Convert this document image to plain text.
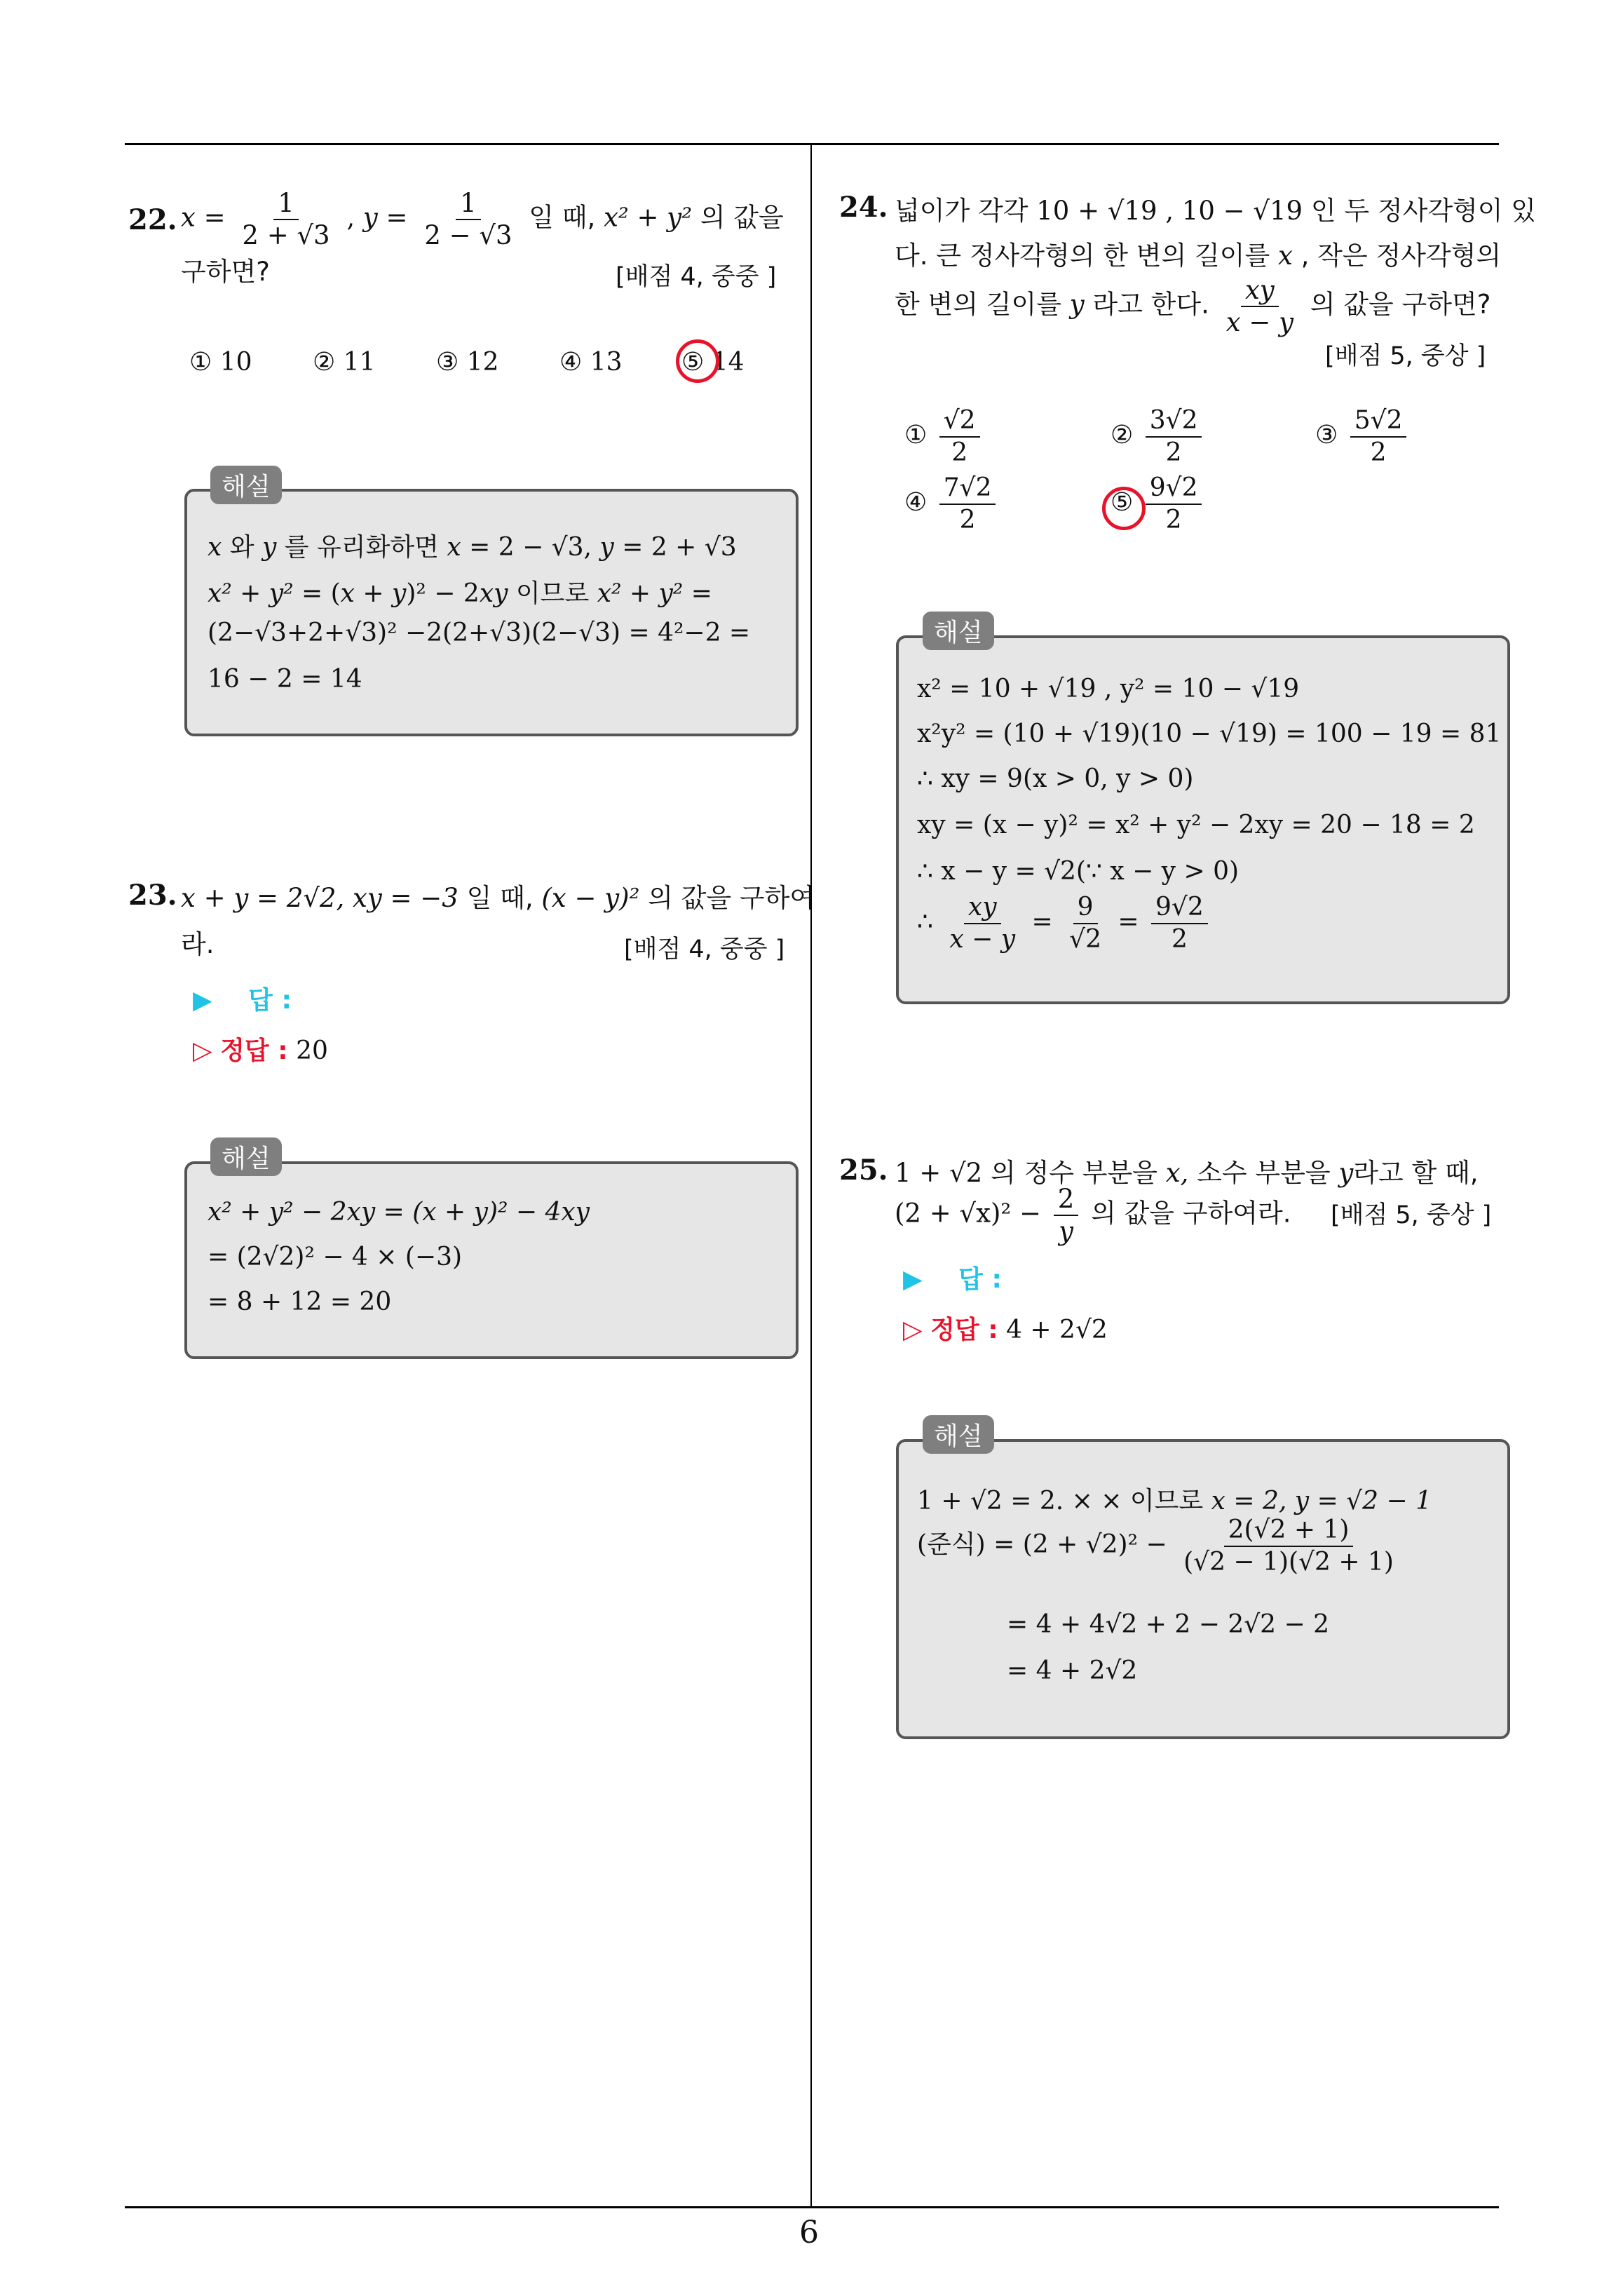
6
22. $x = \frac{1}{2 + √3}$ , $y = \frac{1}{2 - √3}$ 일 때, x² + y² 의 값을
구하면?	[배점 4, 중중 ]
① 10 ② 11 ③ 12 ④ 13 ⑤ 14
해설
x 와 y 를 유리화하면 x = 2 − √3, y = 2 + √3
x² + y² = (x + y)² − 2xy 이므로 x² + y² =
(2−√3+2+√3)² −2(2+√3)(2−√3) = 4²−2 =
16 − 2 = 14
23. x + y = 2√2, xy = −3 일 때, (x − y)² 의 값을 구하여
라.	[배점 4, 중중 ]
▶ 답 :
▷ 정답 : 20
해설
x² + y² − 2xy = (x + y)² − 4xy
= (2√2)² − 4 × (−3)
= 8 + 12 = 20
24. 넓이가 각각 10 + √19 , 10 − √19 인 두 정사각형이 있
다. 큰 정사각형의 한 변의 길이를 x , 작은 정사각형의
한 변의 길이를 y 라고 한다. $\frac{xy}{x - y}$ 의 값을 구하면?
[배점 5, 중상 ]
① $\frac{√2}{2}$	② $\frac{3√2}{2}$	③ $\frac{5√2}{2}$
④ $\frac{7√2}{2}$	⑤ $\frac{9√2}{2}$
해설
x² = 10 + √19 , y² = 10 − √19
x²y² = (10 + √19)(10 − √19) = 100 − 19 = 81
∴ xy = 9(x > 0, y > 0)
xy = (x − y)² = x² + y² − 2xy = 20 − 18 = 2
∴ x − y = √2(∵ x − y > 0)
∴ $\frac{xy}{x - y} = \frac{9}{√2} = \frac{9√2}{2}$
25. 1 + √2 의 정수 부분을 x, 소수 부분을 y라고 할 때,
$(2 + √x)^2 - \frac{2}{y}$ 의 값을 구하여라. [배점 5, 중상 ]
▶ 답 :
▷ 정답 : 4 + 2√2
해설
1 + √2 = 2. × × 이므로 x = 2, y = √2 − 1
(준식) = $(2 + √2)^2 - \frac{2(√2 + 1)}{(√2 - 1)(√2 + 1)}$
= 4 + 4√2 + 2 − 2√2 − 2
= 4 + 2√2
